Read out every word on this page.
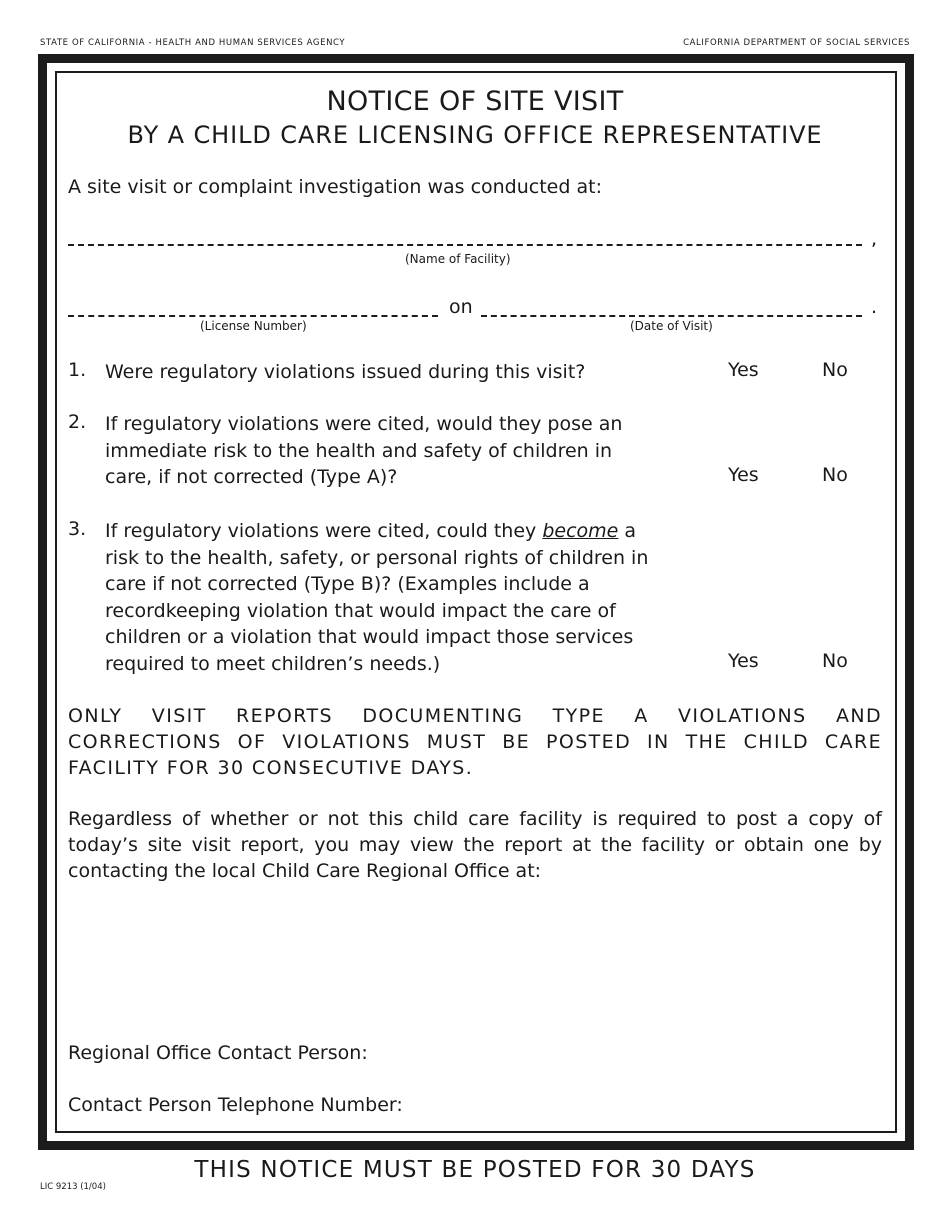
STATE OF CALIFORNIA - HEALTH AND HUMAN SERVICES AGENCY	CALIFORNIA DEPARTMENT OF SOCIAL SERVICES
NOTICE OF SITE VISIT
BY A CHILD CARE LICENSING OFFICE REPRESENTATIVE
A site visit or complaint investigation was conducted at:
,
(Name of Facility)
on	.
(License Number)	(Date of Visit)
1. Were regulatory violations issued during this visit?	Yes	No
2. If regulatory violations were cited, would they pose an
immediate risk to the health and safety of children in
care, if not corrected (Type A)?	Yes	No
3. If regulatory violations were cited, could they become a
risk to the health, safety, or personal rights of children in
care if not corrected (Type B)? (Examples include a
recordkeeping violation that would impact the care of
children or a violation that would impact those services
required to meet children’s needs.)	Yes	No
ONLY VISIT REPORTS DOCUMENTING TYPE A VIOLATIONS AND CORRECTIONS OF VIOLATIONS MUST BE POSTED IN THE CHILD CARE FACILITY FOR 30 CONSECUTIVE DAYS.
Regardless of whether or not this child care facility is required to post a copy of today’s site visit report, you may view the report at the facility or obtain one by contacting the local Child Care Regional Office at:
Regional Office Contact Person:
Contact Person Telephone Number:
THIS NOTICE MUST BE POSTED FOR 30 DAYS
LIC 9213 (1/04)
